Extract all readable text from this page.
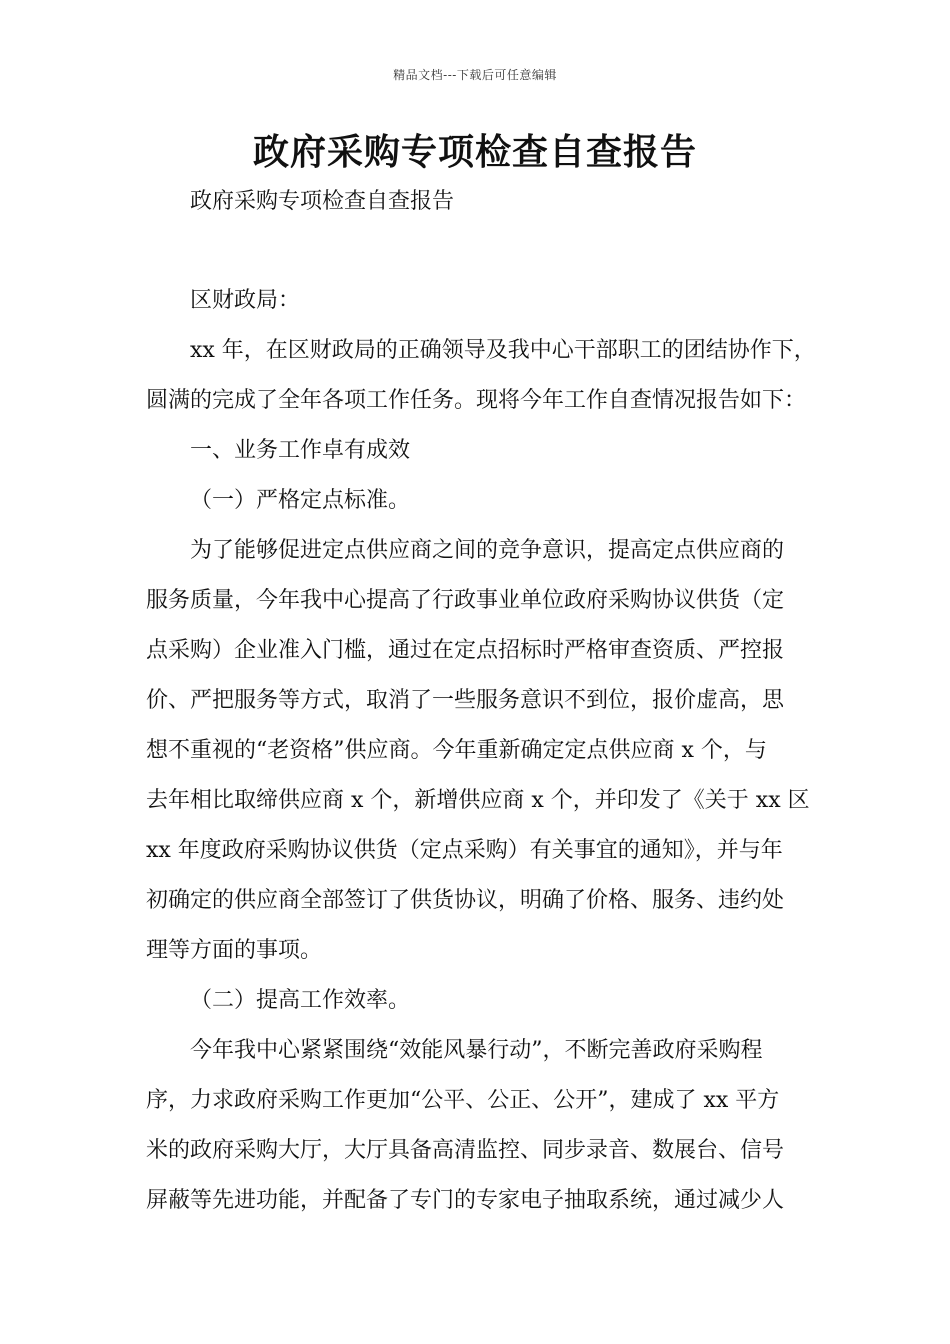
精品文档---下载后可任意编辑
政府采购专项检查自查报告

政府采购专项检查自查报告

区财政局：

xx 年，在区财政局的正确领导及我中心干部职工的团结协作下，
圆满的完成了全年各项工作任务。现将今年工作自查情况报告如下：
一、业务工作卓有成效
（一）严格定点标准。
为了能够促进定点供应商之间的竞争意识，提高定点供应商的
服务质量，今年我中心提高了行政事业单位政府采购协议供货（定
点采购）企业准入门槛，通过在定点招标时严格审查资质、严控报
价、严把服务等方式，取消了一些服务意识不到位，报价虚高，思
想不重视的“老资格”供应商。今年重新确定定点供应商 x 个，与
去年相比取缔供应商 x 个，新增供应商 x 个，并印发了《关于 xx 区
xx 年度政府采购协议供货（定点采购）有关事宜的通知》，并与年
初确定的供应商全部签订了供货协议，明确了价格、服务、违约处
理等方面的事项。
（二）提高工作效率。
今年我中心紧紧围绕“效能风暴行动”，不断完善政府采购程
序，力求政府采购工作更加“公平、公正、公开”，建成了 xx 平方
米的政府采购大厅，大厅具备高清监控、同步录音、数展台、信号
屏蔽等先进功能，并配备了专门的专家电子抽取系统，通过减少人
